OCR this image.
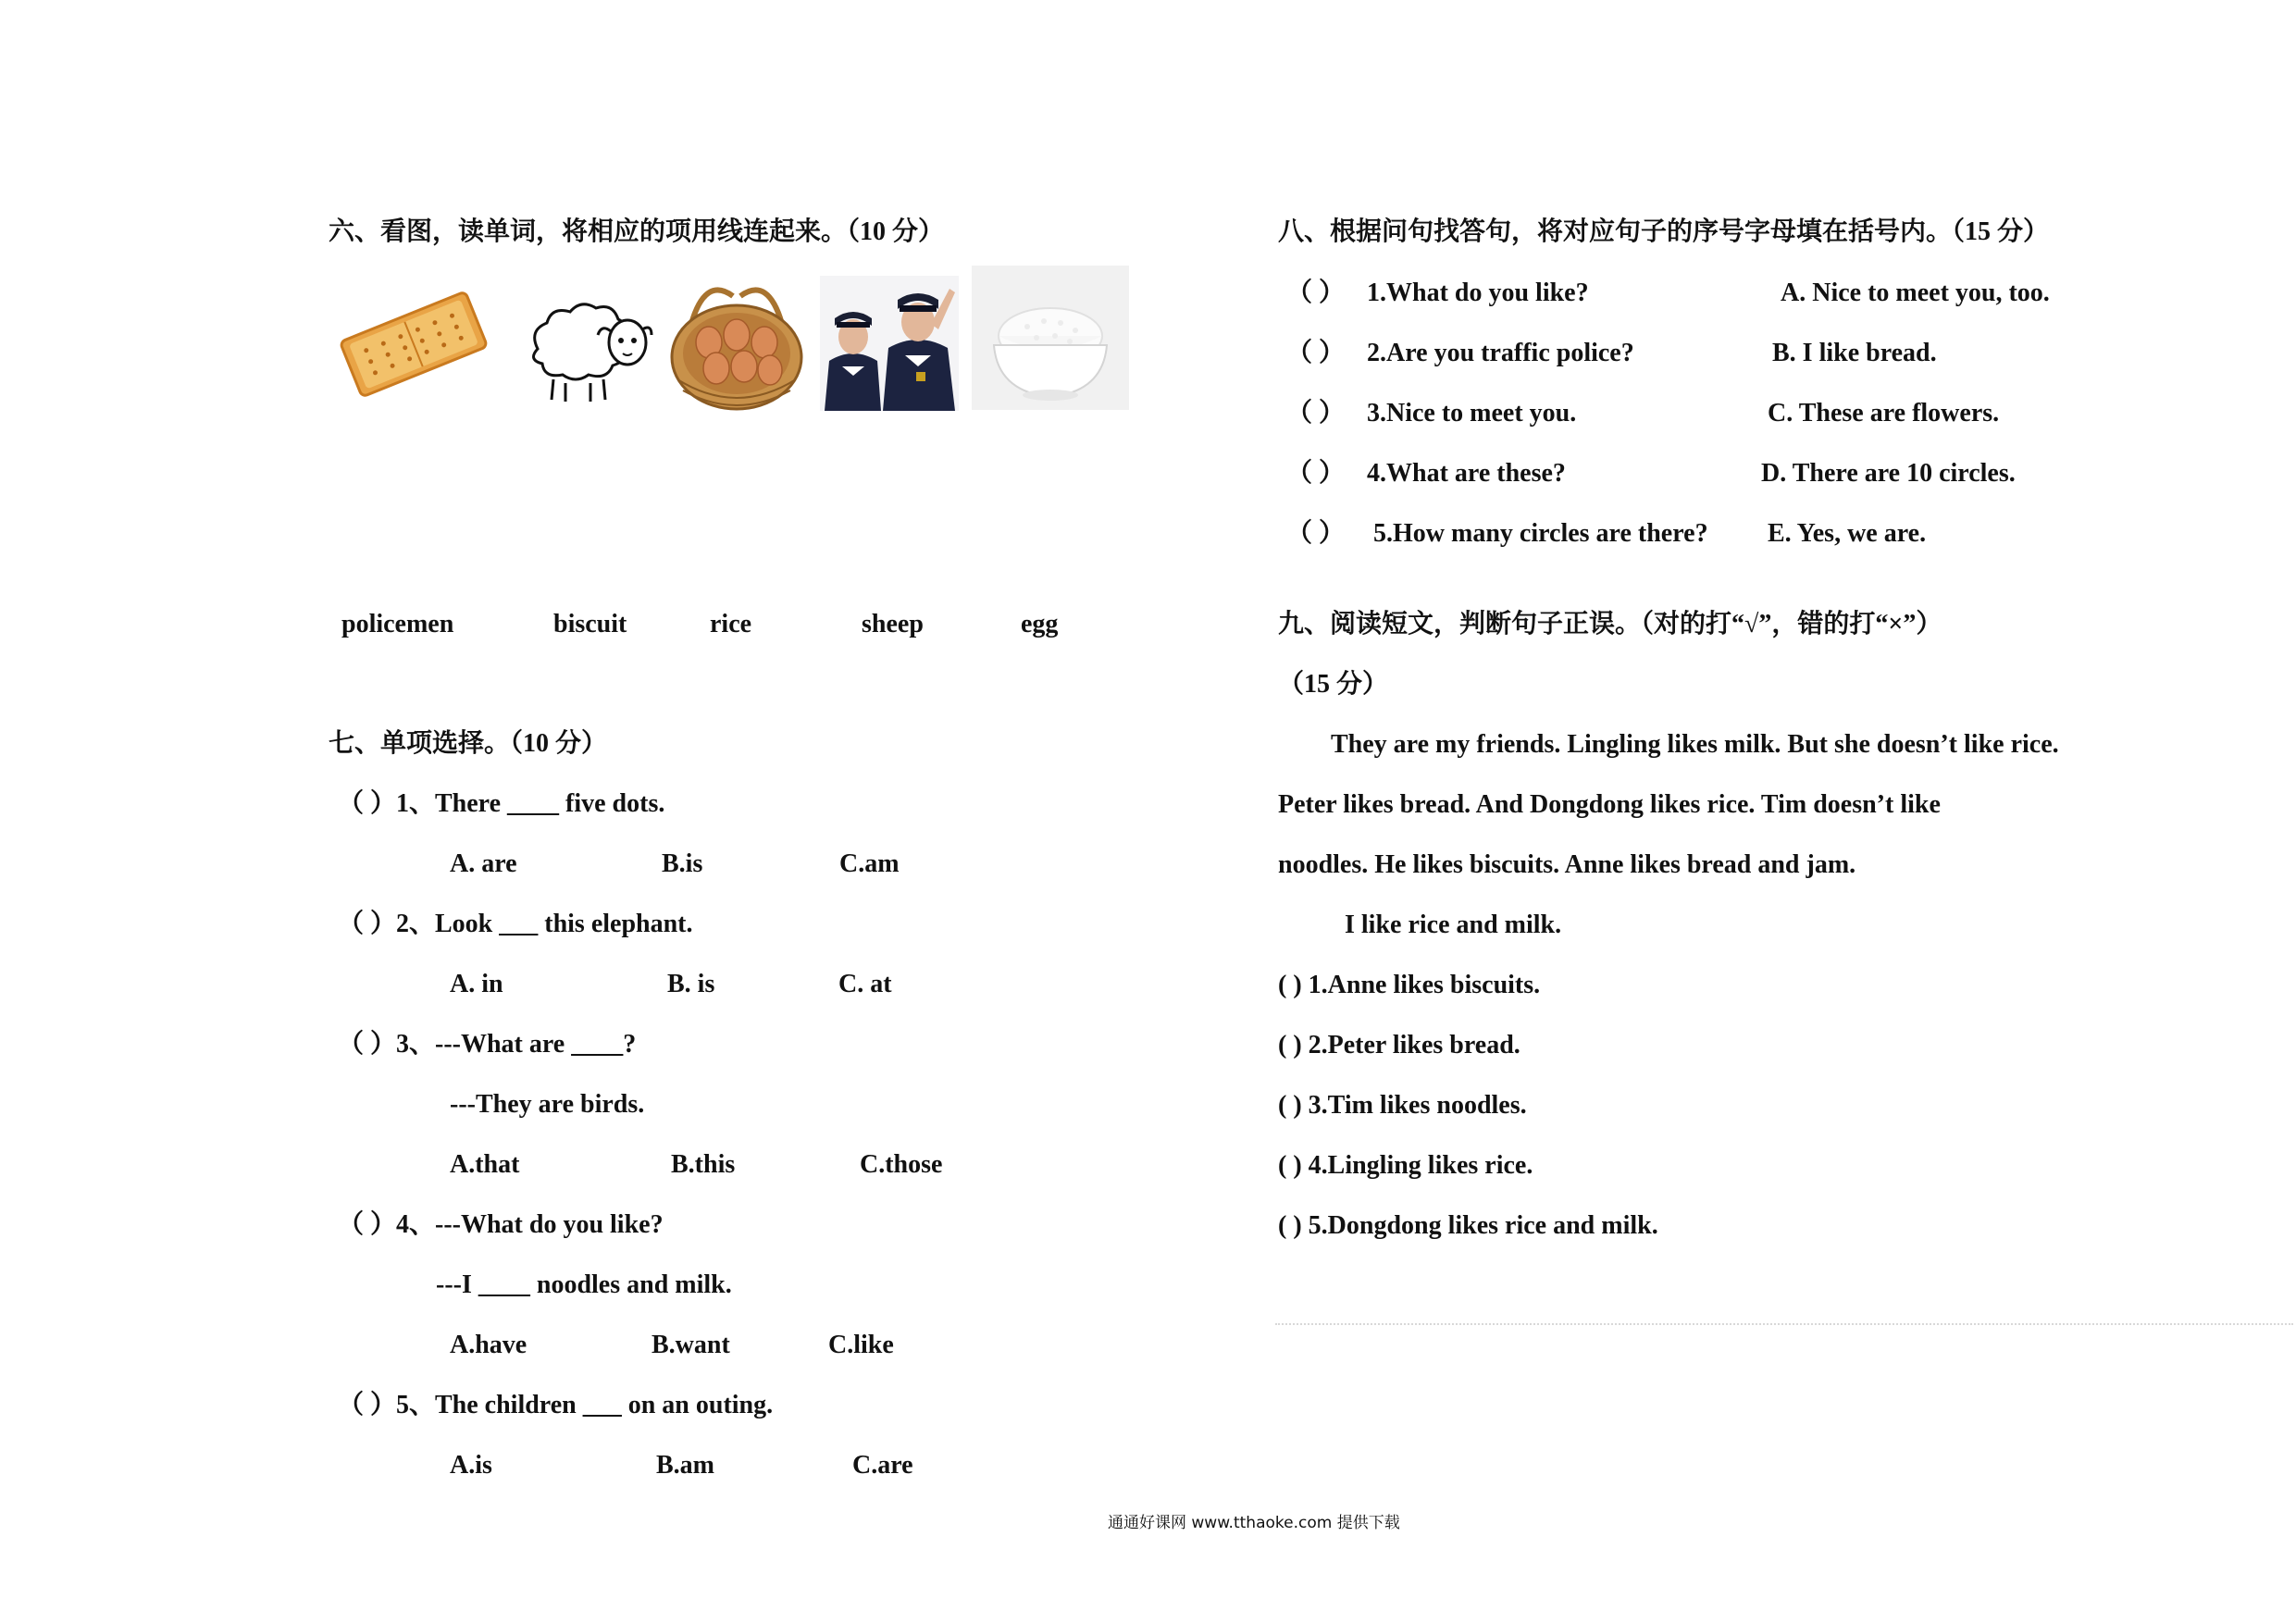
六、看图，读单词，将相应的项用线连起来。（10 分）
policemen	biscuit	rice	sheep	egg
七、单项选择。（10 分）
（ ）1、There ____ five dots.
A. are	B.is	C.am
（ ）2、Look ___ this elephant.
A. in	B. is	C. at
（ ）3、---What are ____?
---They are birds.
A.that	B.this	C.those
（ ）4、---What do you like?
---I ____ noodles and milk.
A.have	B.want	C.like
（ ）5、The children ___ on an outing.
A.is	B.am	C.are
八、根据问句找答句，将对应句子的序号字母填在括号内。（15 分）
（ ） 1.What do you like?	A. Nice to meet you, too.
（ ） 2.Are you traffic police?	B. I like bread.
（ ） 3.Nice to meet you.	C. These are flowers.
（ ） 4.What are these?	D. There are 10 circles.
（ ） 5.How many circles are there? E. Yes, we are.
九、阅读短文，判断句子正误。（对的打“√”，错的打“×”）
（15 分）
They are my friends. Lingling likes milk. But she doesn’t like rice.
Peter likes bread. And Dongdong likes rice. Tim doesn’t like
noodles. He likes biscuits. Anne likes bread and jam.
I like rice and milk.
( ) 1.Anne likes biscuits.
( ) 2.Peter likes bread.
( ) 3.Tim likes noodles.
( ) 4.Lingling likes rice.
( ) 5.Dongdong likes rice and milk.
通通好课网 www.tthaoke.com 提供下载
